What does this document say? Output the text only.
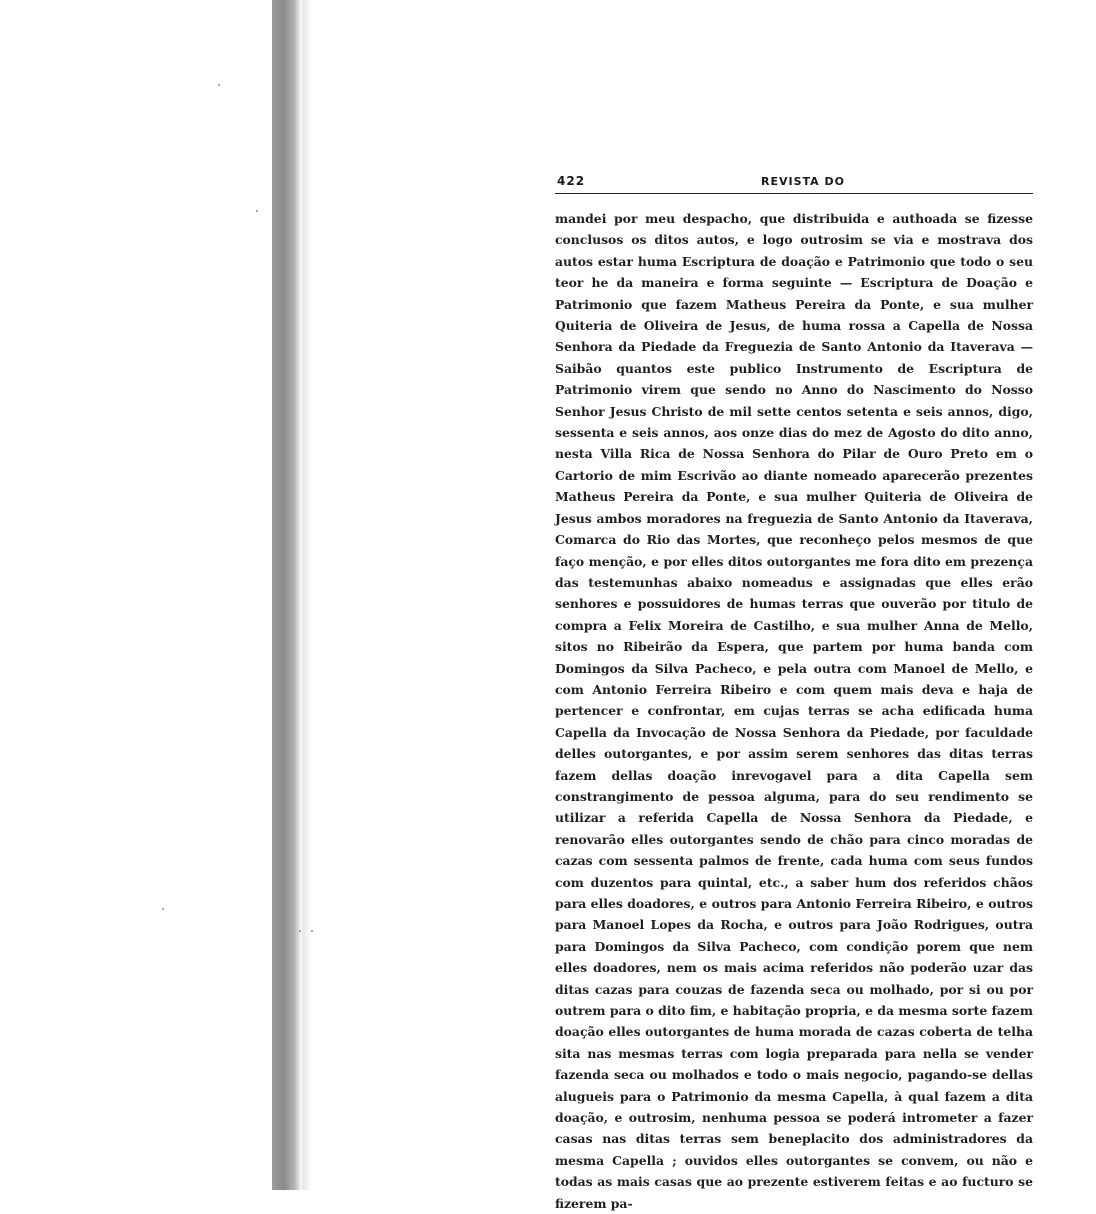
422	REVISTA DO

mandei por meu despacho, que distribuida e authoada se fizesse conclusos os ditos autos, e logo outrosim se via e mostrava dos autos estar huma Escriptura de doação e Patrimonio que todo o seu teor he da maneira e forma seguinte — Escriptura de Doação e Patrimonio que fazem Matheus Pereira da Ponte, e sua mulher Quiteria de Oliveira de Jesus, de huma rossa a Capella de Nossa Senhora da Piedade da Freguezia de Santo Antonio da Itaverava — Saibão quantos este publico Instrumento de Escriptura de Patrimonio virem que sendo no Anno do Nascimento do Nosso Senhor Jesus Christo de mil sette centos setenta e seis annos, digo, sessenta e seis annos, aos onze dias do mez de Agosto do dito anno, nesta Villa Rica de Nossa Senhora do Pilar de Ouro Preto em o Cartorio de mim Escrivão ao diante nomeado aparecerão prezentes Matheus Pereira da Ponte, e sua mulher Quiteria de Oliveira de Jesus ambos moradores na freguezia de Santo Antonio da Itaverava, Comarca do Rio das Mortes, que reconheço pelos mesmos de que faço menção, e por elles ditos outorgantes me fora dito em prezença das testemunhas abaixo nomeadus e assignadas que elles erão senhores e possuidores de humas terras que ouverão por titulo de compra a Felix Moreira de Castilho, e sua mulher Anna de Mello, sitos no Ribeirão da Espera, que partem por huma banda com Domingos da Silva Pacheco, e pela outra com Manoel de Mello, e com Antonio Ferreira Ribeiro e com quem mais deva e haja de pertencer e confrontar, em cujas terras se acha edificada huma Capella da Invocação de Nossa Senhora da Piedade, por faculdade delles outorgantes, e por assim serem senhores das ditas terras fazem dellas doação inrevogavel para a dita Capella sem constrangimento de pessoa alguma, para do seu rendimento se utilizar a referida Capella de Nossa Senhora da Piedade, e renovarão elles outorgantes sendo de chão para cinco moradas de cazas com sessenta palmos de frente, cada huma com seus fundos com duzentos para quintal, etc., a saber hum dos referidos chãos para elles doadores, e outros para Antonio Ferreira Ribeiro, e outros para Manoel Lopes da Rocha, e outros para João Rodrigues, outra para Domingos da Silva Pacheco, com condição porem que nem elles doadores, nem os mais acima referidos não poderão uzar das ditas cazas para couzas de fazenda seca ou molhado, por si ou por outrem para o dito fim, e habitação propria, e da mesma sorte fazem doação elles outorgantes de huma morada de cazas coberta de telha sita nas mesmas terras com logia preparada para nella se vender fazenda seca ou molhados e todo o mais negocio, pagando-se dellas alugueis para o Patrimonio da mesma Capella, à qual fazem a dita doação, e outrosim, nenhuma pessoa se poderá intrometer a fazer casas nas ditas terras sem beneplacito dos administradores da mesma Capella ; ouvidos elles outorgantes se convem, ou não e todas as mais casas que ao prezente estiverem feitas e ao fucturo se fizerem pa-
